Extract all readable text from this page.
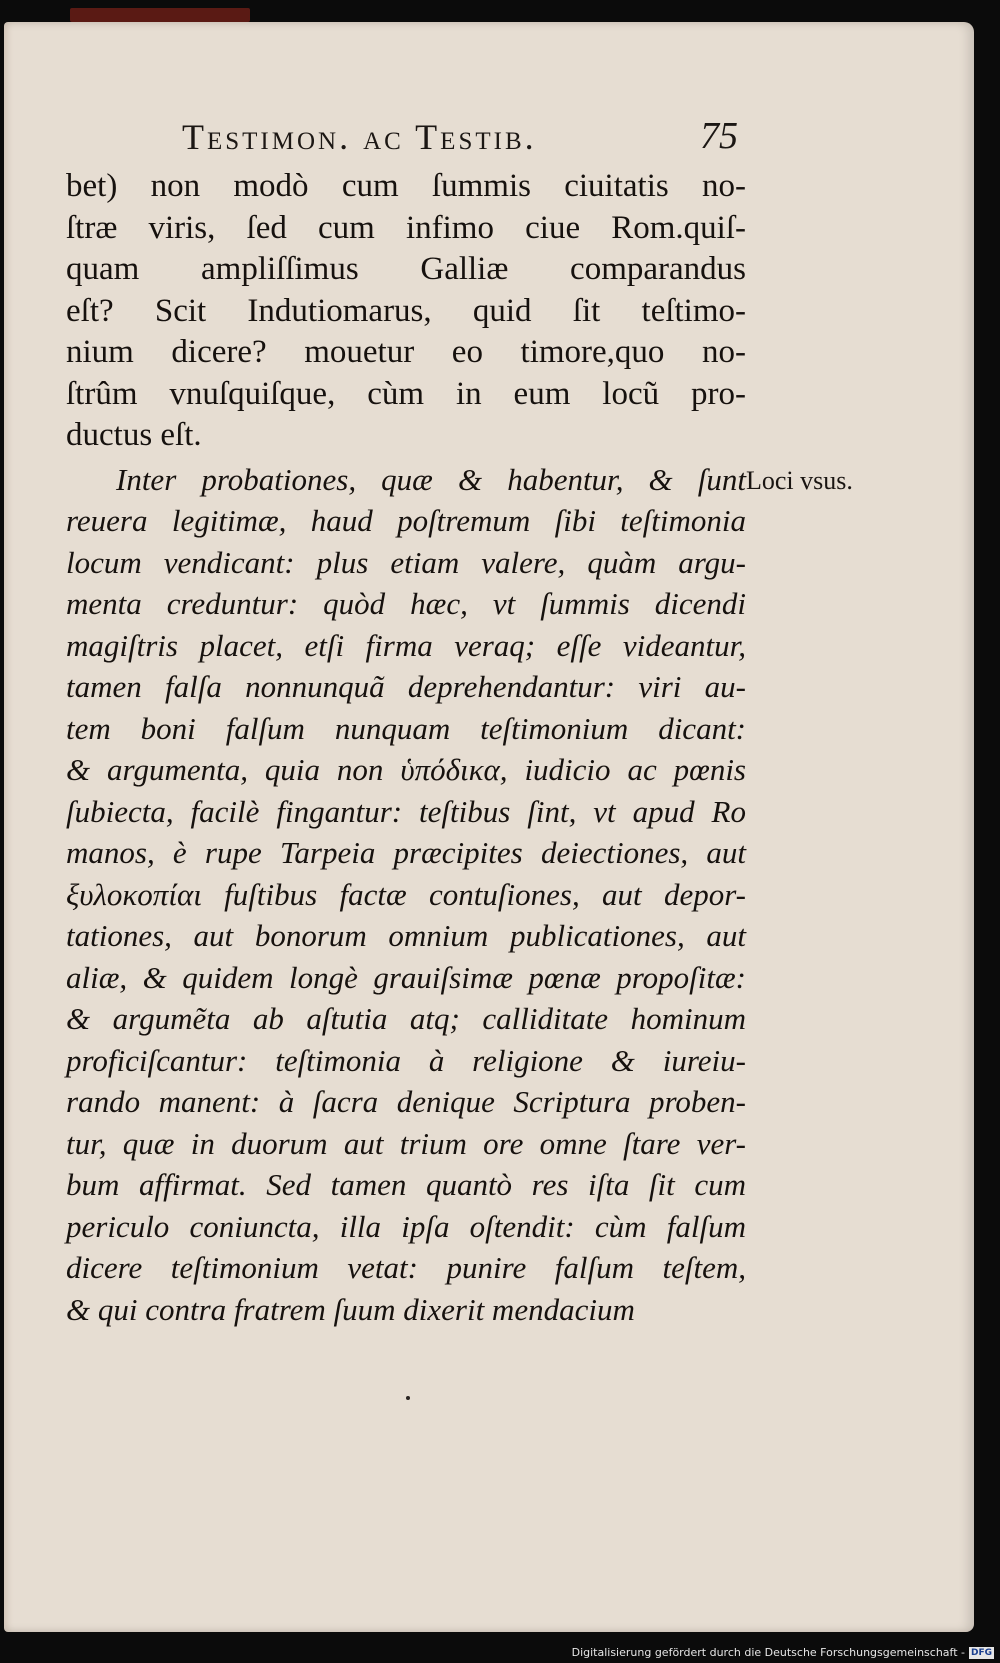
Testimon. ac Testib.	75
Loci vsus.
bet) non modò cum ſummis ciuitatis no-
ſtræ viris, ſed cum infimo ciue Rom.quiſ-
quam ampliſſimus Galliæ comparandus
eſt? Scit Indutiomarus, quid ſit teſtimo-
nium dicere? mouetur eo timore,quo no-
ſtrûm vnuſquiſque, cùm in eum locũ pro-
ductus eſt.
Inter probationes, quæ & habentur, & ſunt
reuera legitimæ, haud poſtremum ſibi teſtimonia
locum vendicant: plus etiam valere, quàm argu-
menta creduntur: quòd hæc, vt ſummis dicendi
magiſtris placet, etſi firma veraq; eſſe videantur,
tamen falſa nonnunquã deprehendantur: viri au-
tem boni falſum nunquam teſtimonium dicant:
& argumenta, quia non ὑπόδικα, iudicio ac pœnis
ſubiecta, facilè fingantur: teſtibus ſint, vt apud Ro
manos, è rupe Tarpeia præcipites deiectiones, aut
ξυλοκοπίαι fuſtibus factæ contuſiones, aut depor-
tationes, aut bonorum omnium publicationes, aut
aliæ, & quidem longè grauiſsimæ pœnæ propoſitæ:
& argumẽta ab aſtutia atq; calliditate hominum
proficiſcantur: teſtimonia à religione & iureiu-
rando manent: à ſacra denique Scriptura proben-
tur, quæ in duorum aut trium ore omne ſtare ver-
bum affirmat. Sed tamen quantò res iſta ſit cum
periculo coniuncta, illa ipſa oſtendit: cùm falſum
dicere teſtimonium vetat: punire falſum teſtem,
& qui contra fratrem ſuum dixerit mendacium
Digitalisierung gefördert durch die Deutsche Forschungsgemeinschaft - DFG
